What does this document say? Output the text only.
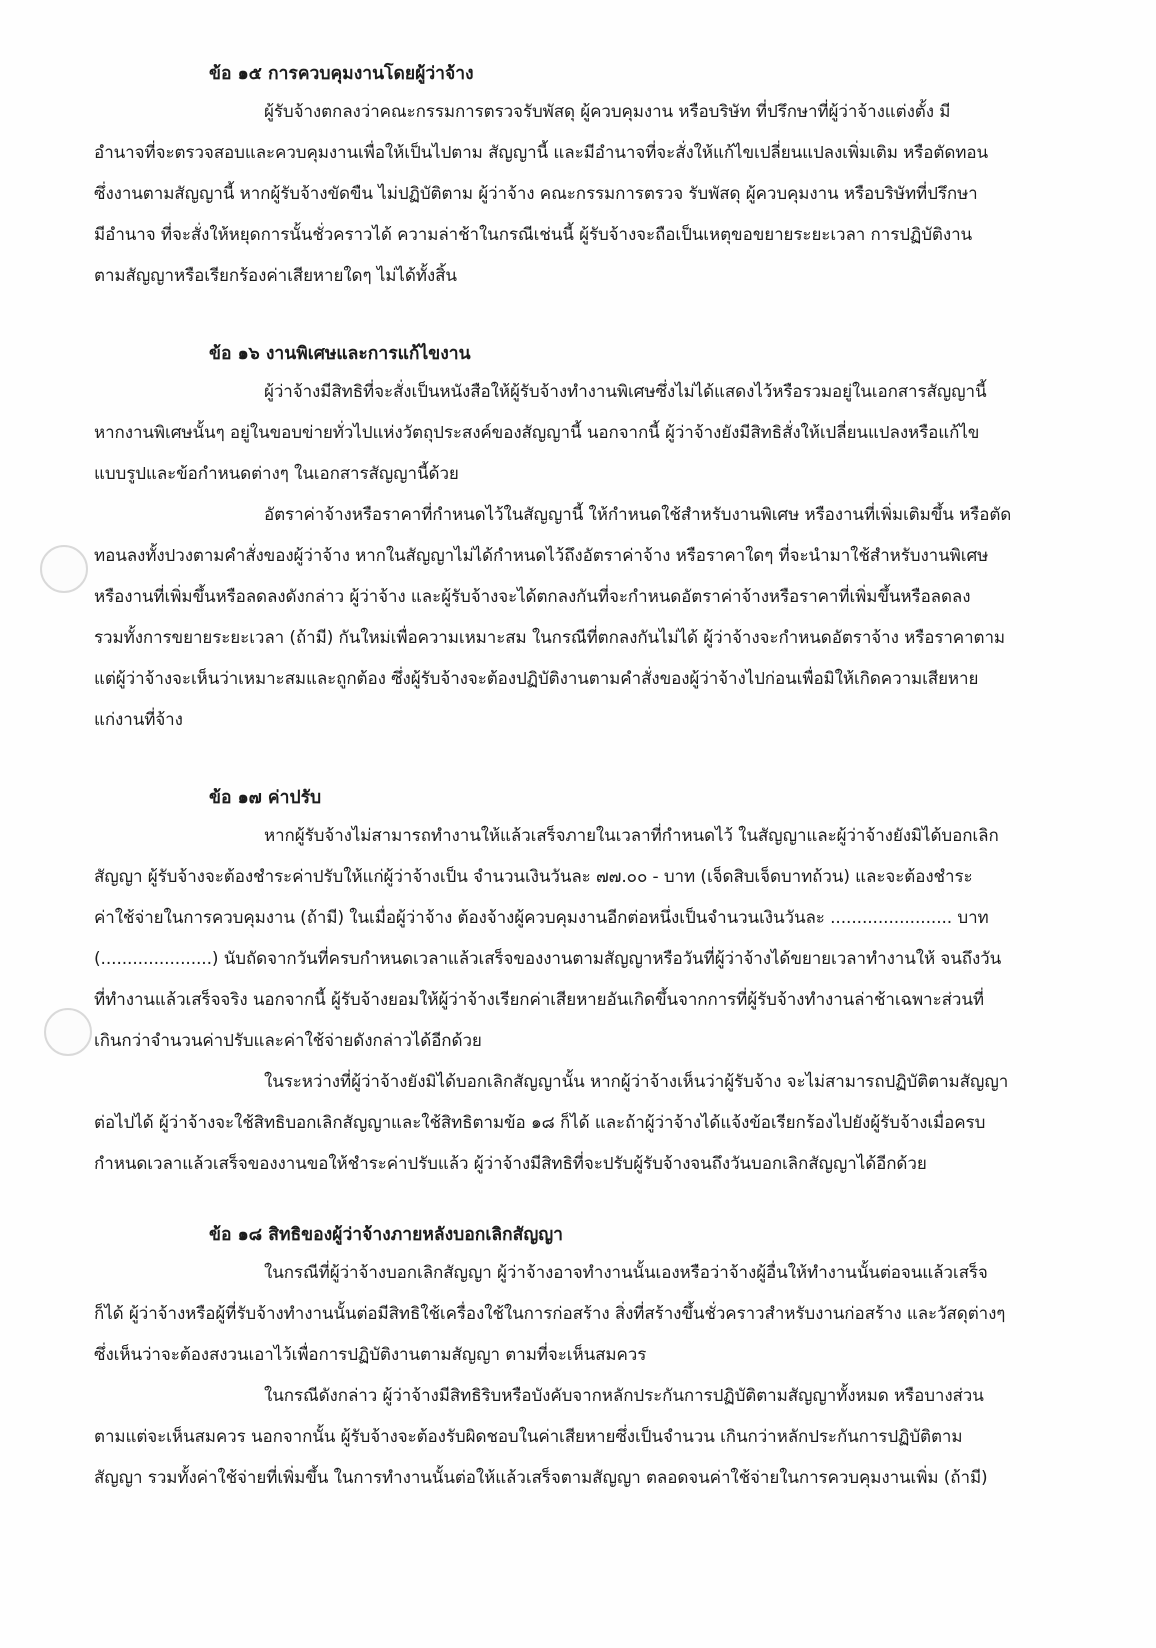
ข้อ ๑๕ การควบคุมงานโดยผู้ว่าจ้าง
ผู้รับจ้างตกลงว่าคณะกรรมการตรวจรับพัสดุ ผู้ควบคุมงาน หรือบริษัท ที่ปรึกษาที่ผู้ว่าจ้างแต่งตั้ง มี
อำนาจที่จะตรวจสอบและควบคุมงานเพื่อให้เป็นไปตาม สัญญานี้ และมีอำนาจที่จะสั่งให้แก้ไขเปลี่ยนแปลงเพิ่มเติม หรือตัดทอน
ซึ่งงานตามสัญญานี้ หากผู้รับจ้างขัดขืน ไม่ปฏิบัติตาม ผู้ว่าจ้าง คณะกรรมการตรวจ รับพัสดุ ผู้ควบคุมงาน หรือบริษัทที่ปรึกษา
มีอำนาจ ที่จะสั่งให้หยุดการนั้นชั่วคราวได้ ความล่าช้าในกรณีเช่นนี้ ผู้รับจ้างจะถือเป็นเหตุขอขยายระยะเวลา การปฏิบัติงาน
ตามสัญญาหรือเรียกร้องค่าเสียหายใดๆ ไม่ได้ทั้งสิ้น
ข้อ ๑๖ งานพิเศษและการแก้ไขงาน
ผู้ว่าจ้างมีสิทธิที่จะสั่งเป็นหนังสือให้ผู้รับจ้างทำงานพิเศษซึ่งไม่ได้แสดงไว้หรือรวมอยู่ในเอกสารสัญญานี้
หากงานพิเศษนั้นๆ อยู่ในขอบข่ายทั่วไปแห่งวัตถุประสงค์ของสัญญานี้ นอกจากนี้ ผู้ว่าจ้างยังมีสิทธิสั่งให้เปลี่ยนแปลงหรือแก้ไข
แบบรูปและข้อกำหนดต่างๆ ในเอกสารสัญญานี้ด้วย
อัตราค่าจ้างหรือราคาที่กำหนดไว้ในสัญญานี้ ให้กำหนดใช้สำหรับงานพิเศษ หรืองานที่เพิ่มเติมขึ้น หรือตัด
ทอนลงทั้งปวงตามคำสั่งของผู้ว่าจ้าง หากในสัญญาไม่ได้กำหนดไว้ถึงอัตราค่าจ้าง หรือราคาใดๆ ที่จะนำมาใช้สำหรับงานพิเศษ
หรืองานที่เพิ่มขึ้นหรือลดลงดังกล่าว ผู้ว่าจ้าง และผู้รับจ้างจะได้ตกลงกันที่จะกำหนดอัตราค่าจ้างหรือราคาที่เพิ่มขึ้นหรือลดลง
รวมทั้งการขยายระยะเวลา (ถ้ามี) กันใหม่เพื่อความเหมาะสม ในกรณีที่ตกลงกันไม่ได้ ผู้ว่าจ้างจะกำหนดอัตราจ้าง หรือราคาตาม
แต่ผู้ว่าจ้างจะเห็นว่าเหมาะสมและถูกต้อง ซึ่งผู้รับจ้างจะต้องปฏิบัติงานตามคำสั่งของผู้ว่าจ้างไปก่อนเพื่อมิให้เกิดความเสียหาย
แก่งานที่จ้าง
ข้อ ๑๗ ค่าปรับ
หากผู้รับจ้างไม่สามารถทำงานให้แล้วเสร็จภายในเวลาที่กำหนดไว้ ในสัญญาและผู้ว่าจ้างยังมิได้บอกเลิก
สัญญา ผู้รับจ้างจะต้องชำระค่าปรับให้แก่ผู้ว่าจ้างเป็น จำนวนเงินวันละ ๗๗.๐๐ - บาท (เจ็ดสิบเจ็ดบาทถ้วน) และจะต้องชำระ
ค่าใช้จ่ายในการควบคุมงาน (ถ้ามี) ในเมื่อผู้ว่าจ้าง ต้องจ้างผู้ควบคุมงานอีกต่อหนึ่งเป็นจำนวนเงินวันละ ....................... บาท
(.....................) นับถัดจากวันที่ครบกำหนดเวลาแล้วเสร็จของงานตามสัญญาหรือวันที่ผู้ว่าจ้างได้ขยายเวลาทำงานให้ จนถึงวัน
ที่ทำงานแล้วเสร็จจริง นอกจากนี้ ผู้รับจ้างยอมให้ผู้ว่าจ้างเรียกค่าเสียหายอันเกิดขึ้นจากการที่ผู้รับจ้างทำงานล่าช้าเฉพาะส่วนที่
เกินกว่าจำนวนค่าปรับและค่าใช้จ่ายดังกล่าวได้อีกด้วย
ในระหว่างที่ผู้ว่าจ้างยังมิได้บอกเลิกสัญญานั้น หากผู้ว่าจ้างเห็นว่าผู้รับจ้าง จะไม่สามารถปฏิบัติตามสัญญา
ต่อไปได้ ผู้ว่าจ้างจะใช้สิทธิบอกเลิกสัญญาและใช้สิทธิตามข้อ ๑๘ ก็ได้ และถ้าผู้ว่าจ้างได้แจ้งข้อเรียกร้องไปยังผู้รับจ้างเมื่อครบ
กำหนดเวลาแล้วเสร็จของงานขอให้ชำระค่าปรับแล้ว ผู้ว่าจ้างมีสิทธิที่จะปรับผู้รับจ้างจนถึงวันบอกเลิกสัญญาได้อีกด้วย
ข้อ ๑๘ สิทธิของผู้ว่าจ้างภายหลังบอกเลิกสัญญา
ในกรณีที่ผู้ว่าจ้างบอกเลิกสัญญา ผู้ว่าจ้างอาจทำงานนั้นเองหรือว่าจ้างผู้อื่นให้ทำงานนั้นต่อจนแล้วเสร็จ
ก็ได้ ผู้ว่าจ้างหรือผู้ที่รับจ้างทำงานนั้นต่อมีสิทธิใช้เครื่องใช้ในการก่อสร้าง สิ่งที่สร้างขึ้นชั่วคราวสำหรับงานก่อสร้าง และวัสดุต่างๆ
ซึ่งเห็นว่าจะต้องสงวนเอาไว้เพื่อการปฏิบัติงานตามสัญญา ตามที่จะเห็นสมควร
ในกรณีดังกล่าว ผู้ว่าจ้างมีสิทธิริบหรือบังคับจากหลักประกันการปฏิบัติตามสัญญาทั้งหมด หรือบางส่วน
ตามแต่จะเห็นสมควร นอกจากนั้น ผู้รับจ้างจะต้องรับผิดชอบในค่าเสียหายซึ่งเป็นจำนวน เกินกว่าหลักประกันการปฏิบัติตาม
สัญญา รวมทั้งค่าใช้จ่ายที่เพิ่มขึ้น ในการทำงานนั้นต่อให้แล้วเสร็จตามสัญญา ตลอดจนค่าใช้จ่ายในการควบคุมงานเพิ่ม (ถ้ามี)
